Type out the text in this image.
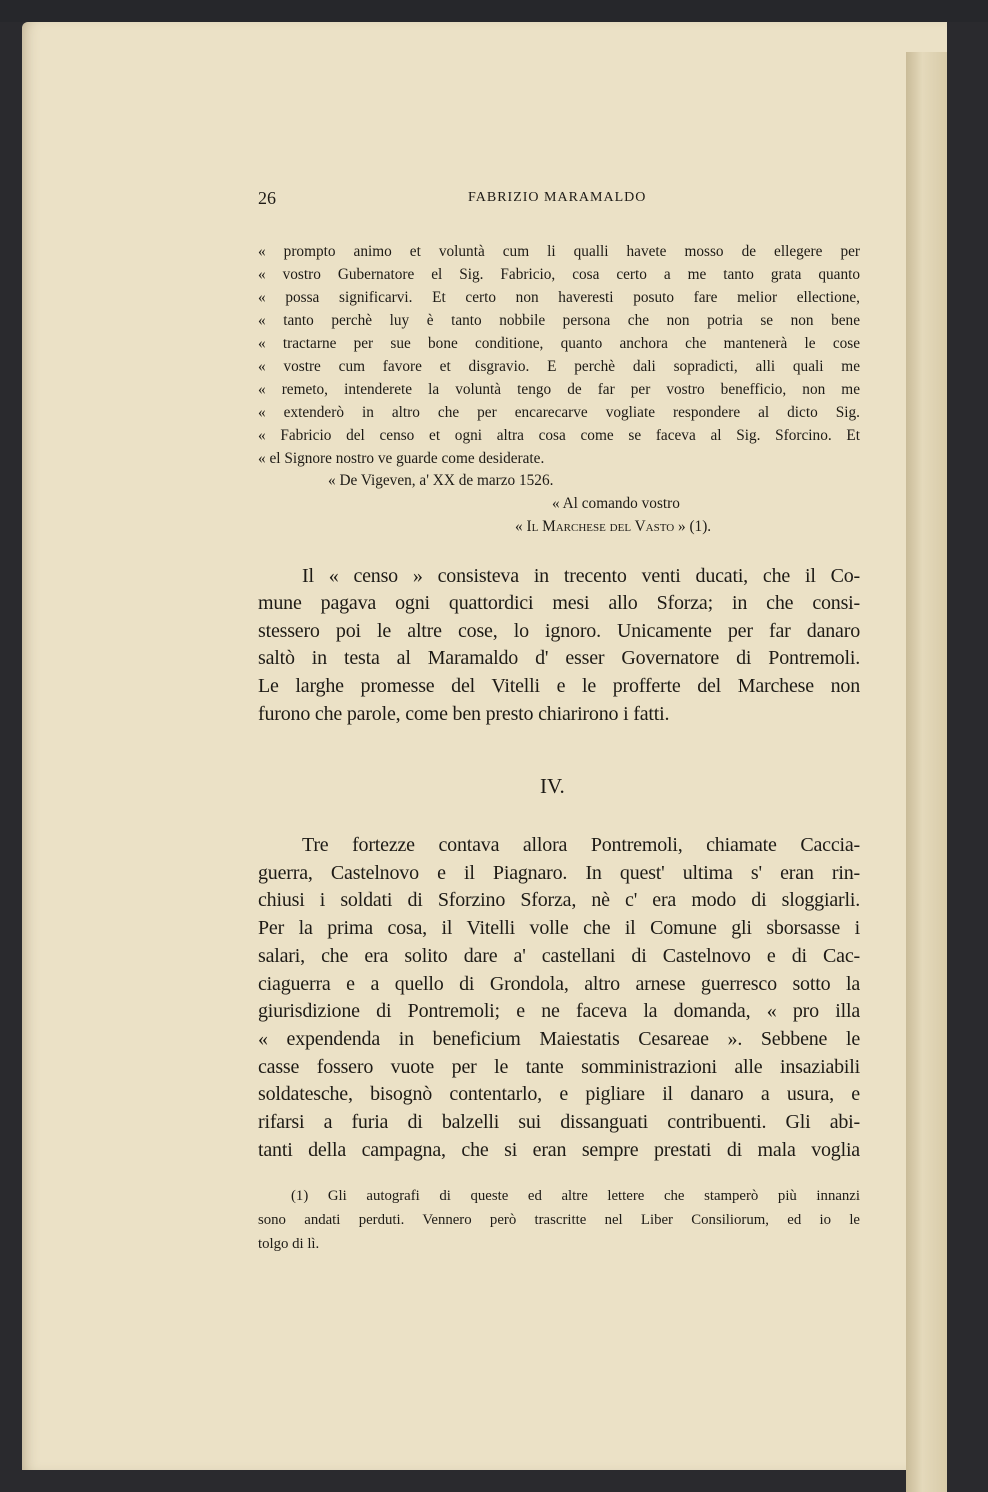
26	FABRIZIO MARAMALDO
« prompto animo et voluntà cum li qualli havete mosso de ellegere per
« vostro Gubernatore el Sig. Fabricio, cosa certo a me tanto grata quanto
« possa significarvi. Et certo non haveresti posuto fare melior ellectione,
« tanto perchè luy è tanto nobbile persona che non potria se non bene
« tractarne per sue bone conditione, quanto anchora che mantenerà le cose
« vostre cum favore et disgravio. E perchè dali sopradicti, alli quali me
« remeto, intenderete la voluntà tengo de far per vostro benefficio, non me
« extenderò in altro che per encarecarve vogliate respondere al dicto Sig.
« Fabricio del censo et ogni altra cosa come se faceva al Sig. Sforcino. Et
« el Signore nostro ve guarde come desiderate.
« De Vigeven, a' XX de marzo 1526.
« Al comando vostro
« Il Marchese del Vasto » (1).
Il « censo » consisteva in trecento venti ducati, che il Co-
mune pagava ogni quattordici mesi allo Sforza; in che consi-
stessero poi le altre cose, lo ignoro. Unicamente per far danaro
saltò in testa al Maramaldo d' esser Governatore di Pontremoli.
Le larghe promesse del Vitelli e le profferte del Marchese non
furono che parole, come ben presto chiarirono i fatti.
Tre fortezze contava allora Pontremoli, chiamate Caccia-
guerra, Castelnovo e il Piagnaro. In quest' ultima s' eran rin-
chiusi i soldati di Sforzino Sforza, nè c' era modo di sloggiarli.
Per la prima cosa, il Vitelli volle che il Comune gli sborsasse i
salari, che era solito dare a' castellani di Castelnovo e di Cac-
ciaguerra e a quello di Grondola, altro arnese guerresco sotto la
giurisdizione di Pontremoli; e ne faceva la domanda, « pro illa
« expendenda in beneficium Maiestatis Cesareae ». Sebbene le
casse fossero vuote per le tante somministrazioni alle insaziabili
soldatesche, bisognò contentarlo, e pigliare il danaro a usura, e
rifarsi a furia di balzelli sui dissanguati contribuenti. Gli abi-
tanti della campagna, che si eran sempre prestati di mala voglia
(1) Gli autografi di queste ed altre lettere che stamperò più innanzi
sono andati perduti. Vennero però trascritte nel Liber Consiliorum, ed io le
tolgo di lì.
IV.
